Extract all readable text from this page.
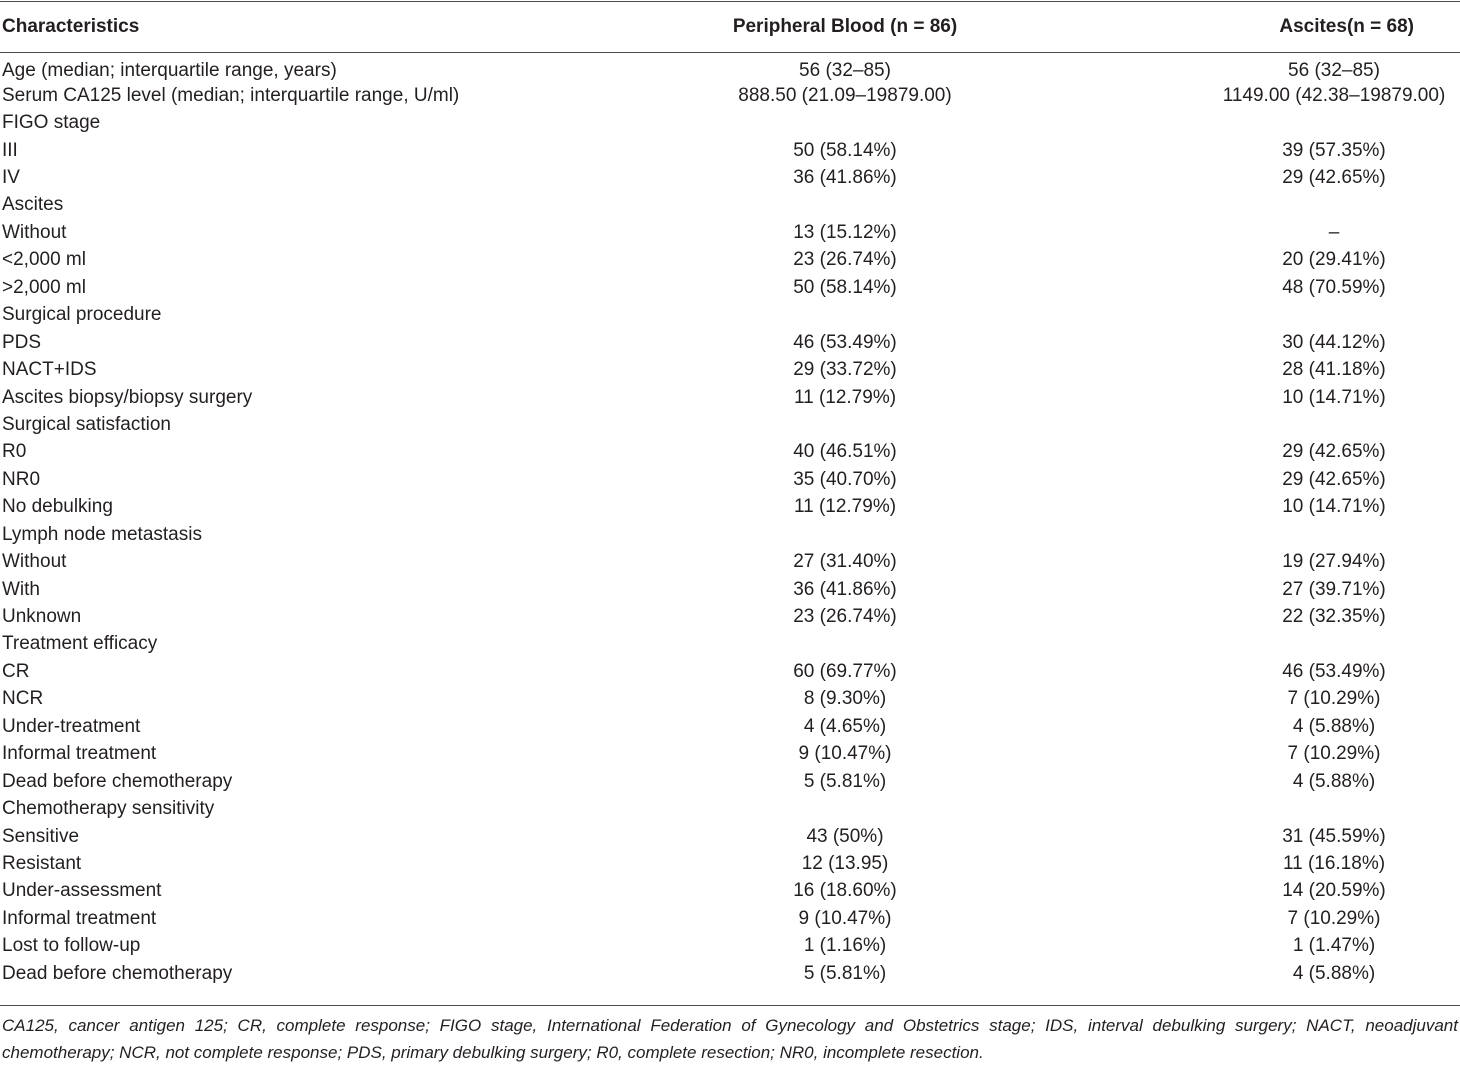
Characteristics	Peripheral Blood (n = 86)	Ascites(n = 68)
Age (median; interquartile range, years)	56 (32–85)	56 (32–85)
Serum CA125 level (median; interquartile range, U/ml)	888.50 (21.09–19879.00)	1149.00 (42.38–19879.00)
FIGO stage		
III	50 (58.14%)	39 (57.35%)
IV	36 (41.86%)	29 (42.65%)
Ascites		
Without	13 (15.12%)	–
<2,000 ml	23 (26.74%)	20 (29.41%)
>2,000 ml	50 (58.14%)	48 (70.59%)
Surgical procedure		
PDS	46 (53.49%)	30 (44.12%)
NACT+IDS	29 (33.72%)	28 (41.18%)
Ascites biopsy/biopsy surgery	11 (12.79%)	10 (14.71%)
Surgical satisfaction		
R0	40 (46.51%)	29 (42.65%)
NR0	35 (40.70%)	29 (42.65%)
No debulking	11 (12.79%)	10 (14.71%)
Lymph node metastasis		
Without	27 (31.40%)	19 (27.94%)
With	36 (41.86%)	27 (39.71%)
Unknown	23 (26.74%)	22 (32.35%)
Treatment efficacy		
CR	60 (69.77%)	46 (53.49%)
NCR	8 (9.30%)	7 (10.29%)
Under-treatment	4 (4.65%)	4 (5.88%)
Informal treatment	9 (10.47%)	7 (10.29%)
Dead before chemotherapy	5 (5.81%)	4 (5.88%)
Chemotherapy sensitivity		
Sensitive	43 (50%)	31 (45.59%)
Resistant	12 (13.95)	11 (16.18%)
Under-assessment	16 (18.60%)	14 (20.59%)
Informal treatment	9 (10.47%)	7 (10.29%)
Lost to follow-up	1 (1.16%)	1 (1.47%)
Dead before chemotherapy	5 (5.81%)	4 (5.88%)
CA125, cancer antigen 125; CR, complete response; FIGO stage, International Federation of Gynecology and Obstetrics stage; IDS, interval debulking surgery; NACT, neoadjuvant chemotherapy; NCR, not complete response; PDS, primary debulking surgery; R0, complete resection; NR0, incomplete resection.
